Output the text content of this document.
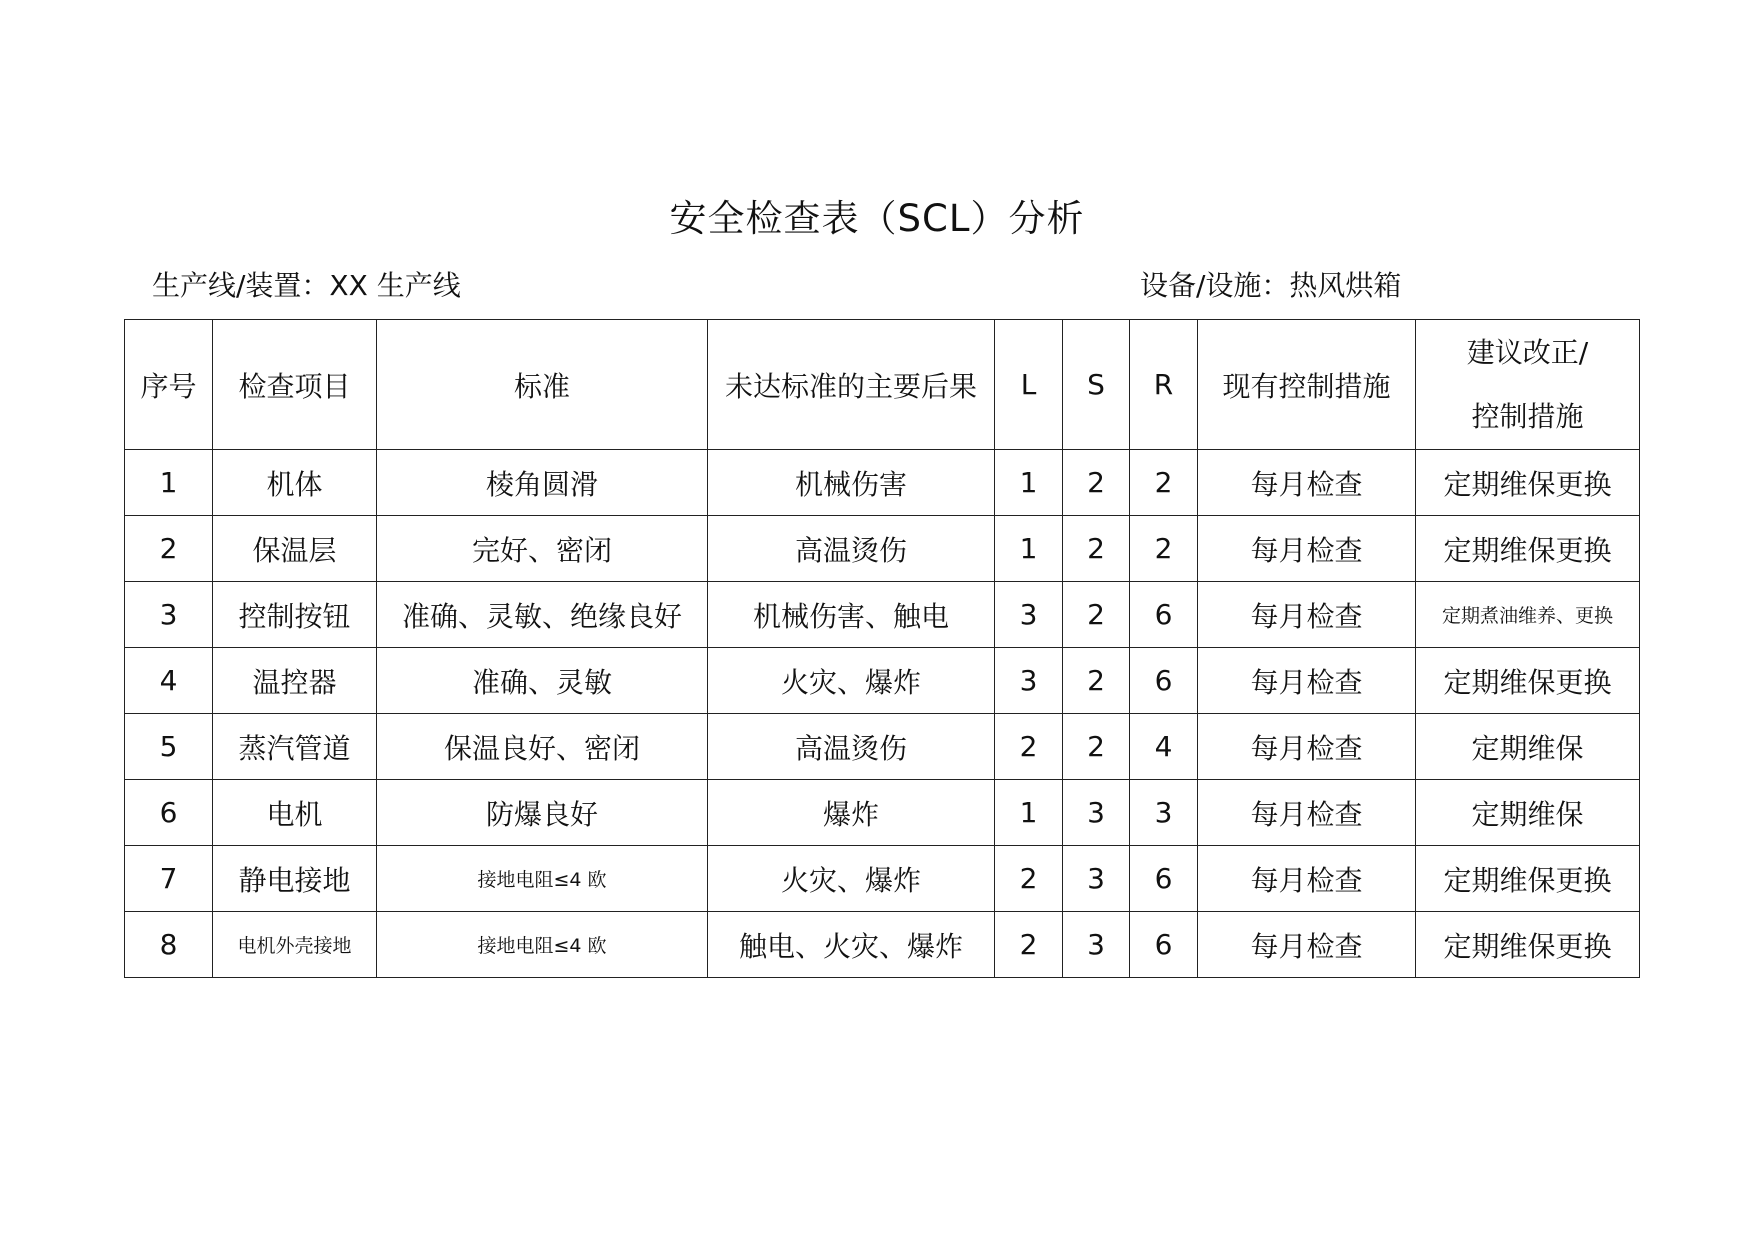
安全检查表（SCL）分析
生产线/装置：XX 生产线	设备/设施：热风烘箱
序号	检查项目	标准	未达标准的主要后果	L	S	R	现有控制措施	建议改正/
控制措施

1	机体	棱角圆滑	机械伤害	1	2	2	每月检查	定期维保更换
2	保温层	完好、密闭	高温烫伤	1	2	2	每月检查	定期维保更换
3	控制按钮	准确、灵敏、绝缘良好	机械伤害、触电	3	2	6	每月检查	定期煮油维养、更换
4	温控器	准确、灵敏	火灾、爆炸	3	2	6	每月检查	定期维保更换
5	蒸汽管道	保温良好、密闭	高温烫伤	2	2	4	每月检查	定期维保
6	电机	防爆良好	爆炸	1	3	3	每月检查	定期维保
7	静电接地	接地电阻≤4 欧	火灾、爆炸	2	3	6	每月检查	定期维保更换
8	电机外壳接地	接地电阻≤4 欧	触电、火灾、爆炸	2	3	6	每月检查	定期维保更换
